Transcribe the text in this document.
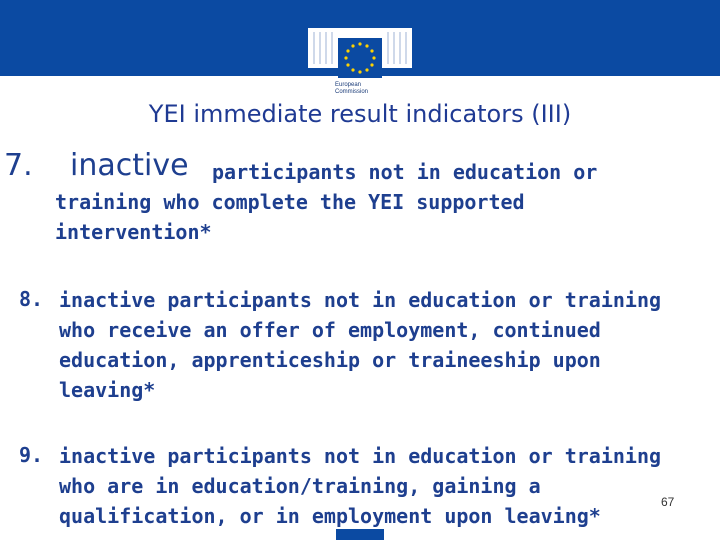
European
Commission
YEI immediate result indicators (III)
7. inactive participants not in education or
training who complete the YEI supported
intervention*
8. inactive participants not in education or training
who receive an offer of employment, continued
education, apprenticeship or traineeship upon
leaving*
9. inactive participants not in education or training
who are in education/training, gaining a
qualification, or in employment upon leaving*
67
